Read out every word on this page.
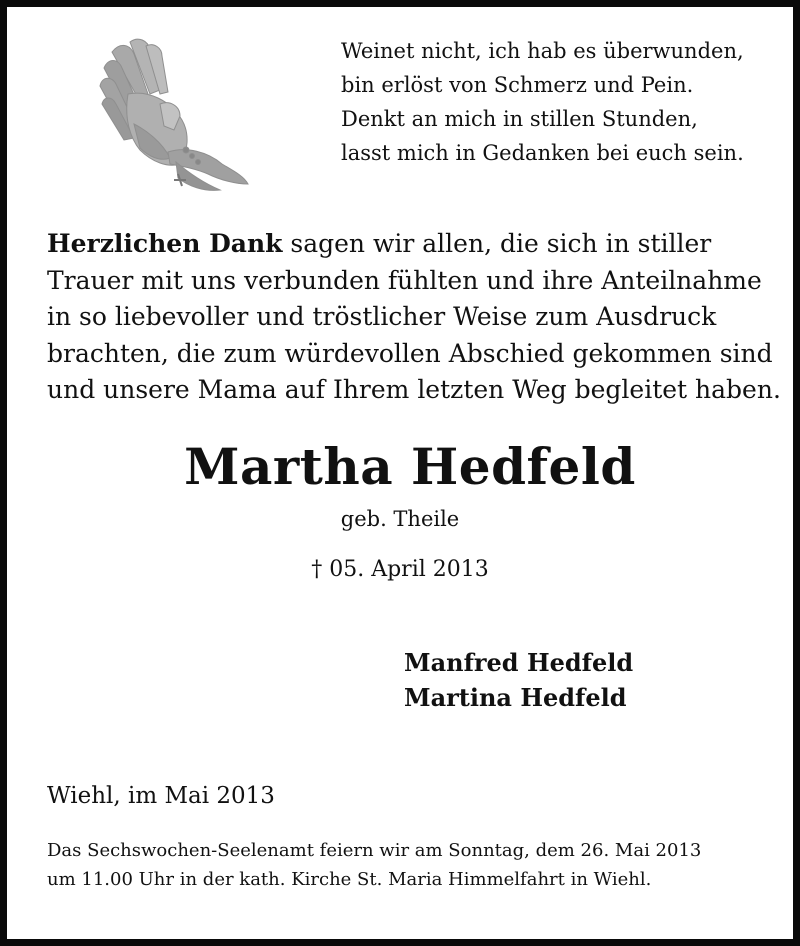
Weinet nicht, ich hab es überwunden,
bin erlöst von Schmerz und Pein.
Denkt an mich in stillen Stunden,
lasst mich in Gedanken bei euch sein.
Herzlichen Dank sagen wir allen, die sich in stiller
Trauer mit uns verbunden fühlten und ihre Anteilnahme
in so liebevoller und tröstlicher Weise zum Ausdruck
brachten, die zum würdevollen Abschied gekommen sind
und unsere Mama auf Ihrem letzten Weg begleitet haben.
Martha Hedfeld
geb. Theile
† 05. April 2013
Manfred Hedfeld
Martina Hedfeld
Wiehl, im Mai 2013
Das Sechswochen-Seelenamt feiern wir am Sonntag, dem 26. Mai 2013
um 11.00 Uhr in der kath. Kirche St. Maria Himmelfahrt in Wiehl.
